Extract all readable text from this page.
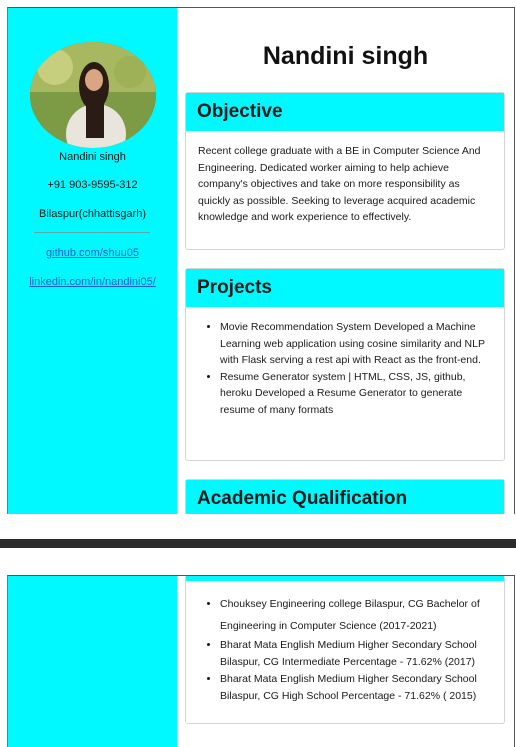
Nandini singh
+91 903-9595-312
Bilaspur(chhattisgarh)
github.com/shuu05
linkedin.com/in/nandini05/
Nandini singh
Objective
Recent college graduate with a BE in Computer Science And Engineering. Dedicated worker aiming to help achieve company's objectives and take on more responsibility as quickly as possible. Seeking to leverage acquired academic knowledge and work experience to effectively.
Projects
• Movie Recommendation System Developed a Machine Learning web application using cosine similarity and NLP with Flask serving a rest api with React as the front-end.
• Resume Generator system | HTML, CSS, JS, github, heroku Developed a Resume Generator to generate resume of many formats
Academic Qualification
• Chouksey Engineering college Bilaspur, CG Bachelor of Engineering in Computer Science (2017-2021)
• Bharat Mata English Medium Higher Secondary School Bilaspur, CG Intermediate Percentage - 71.62% (2017)
• Bharat Mata English Medium Higher Secondary School Bilaspur, CG High School Percentage - 71.62% ( 2015)
